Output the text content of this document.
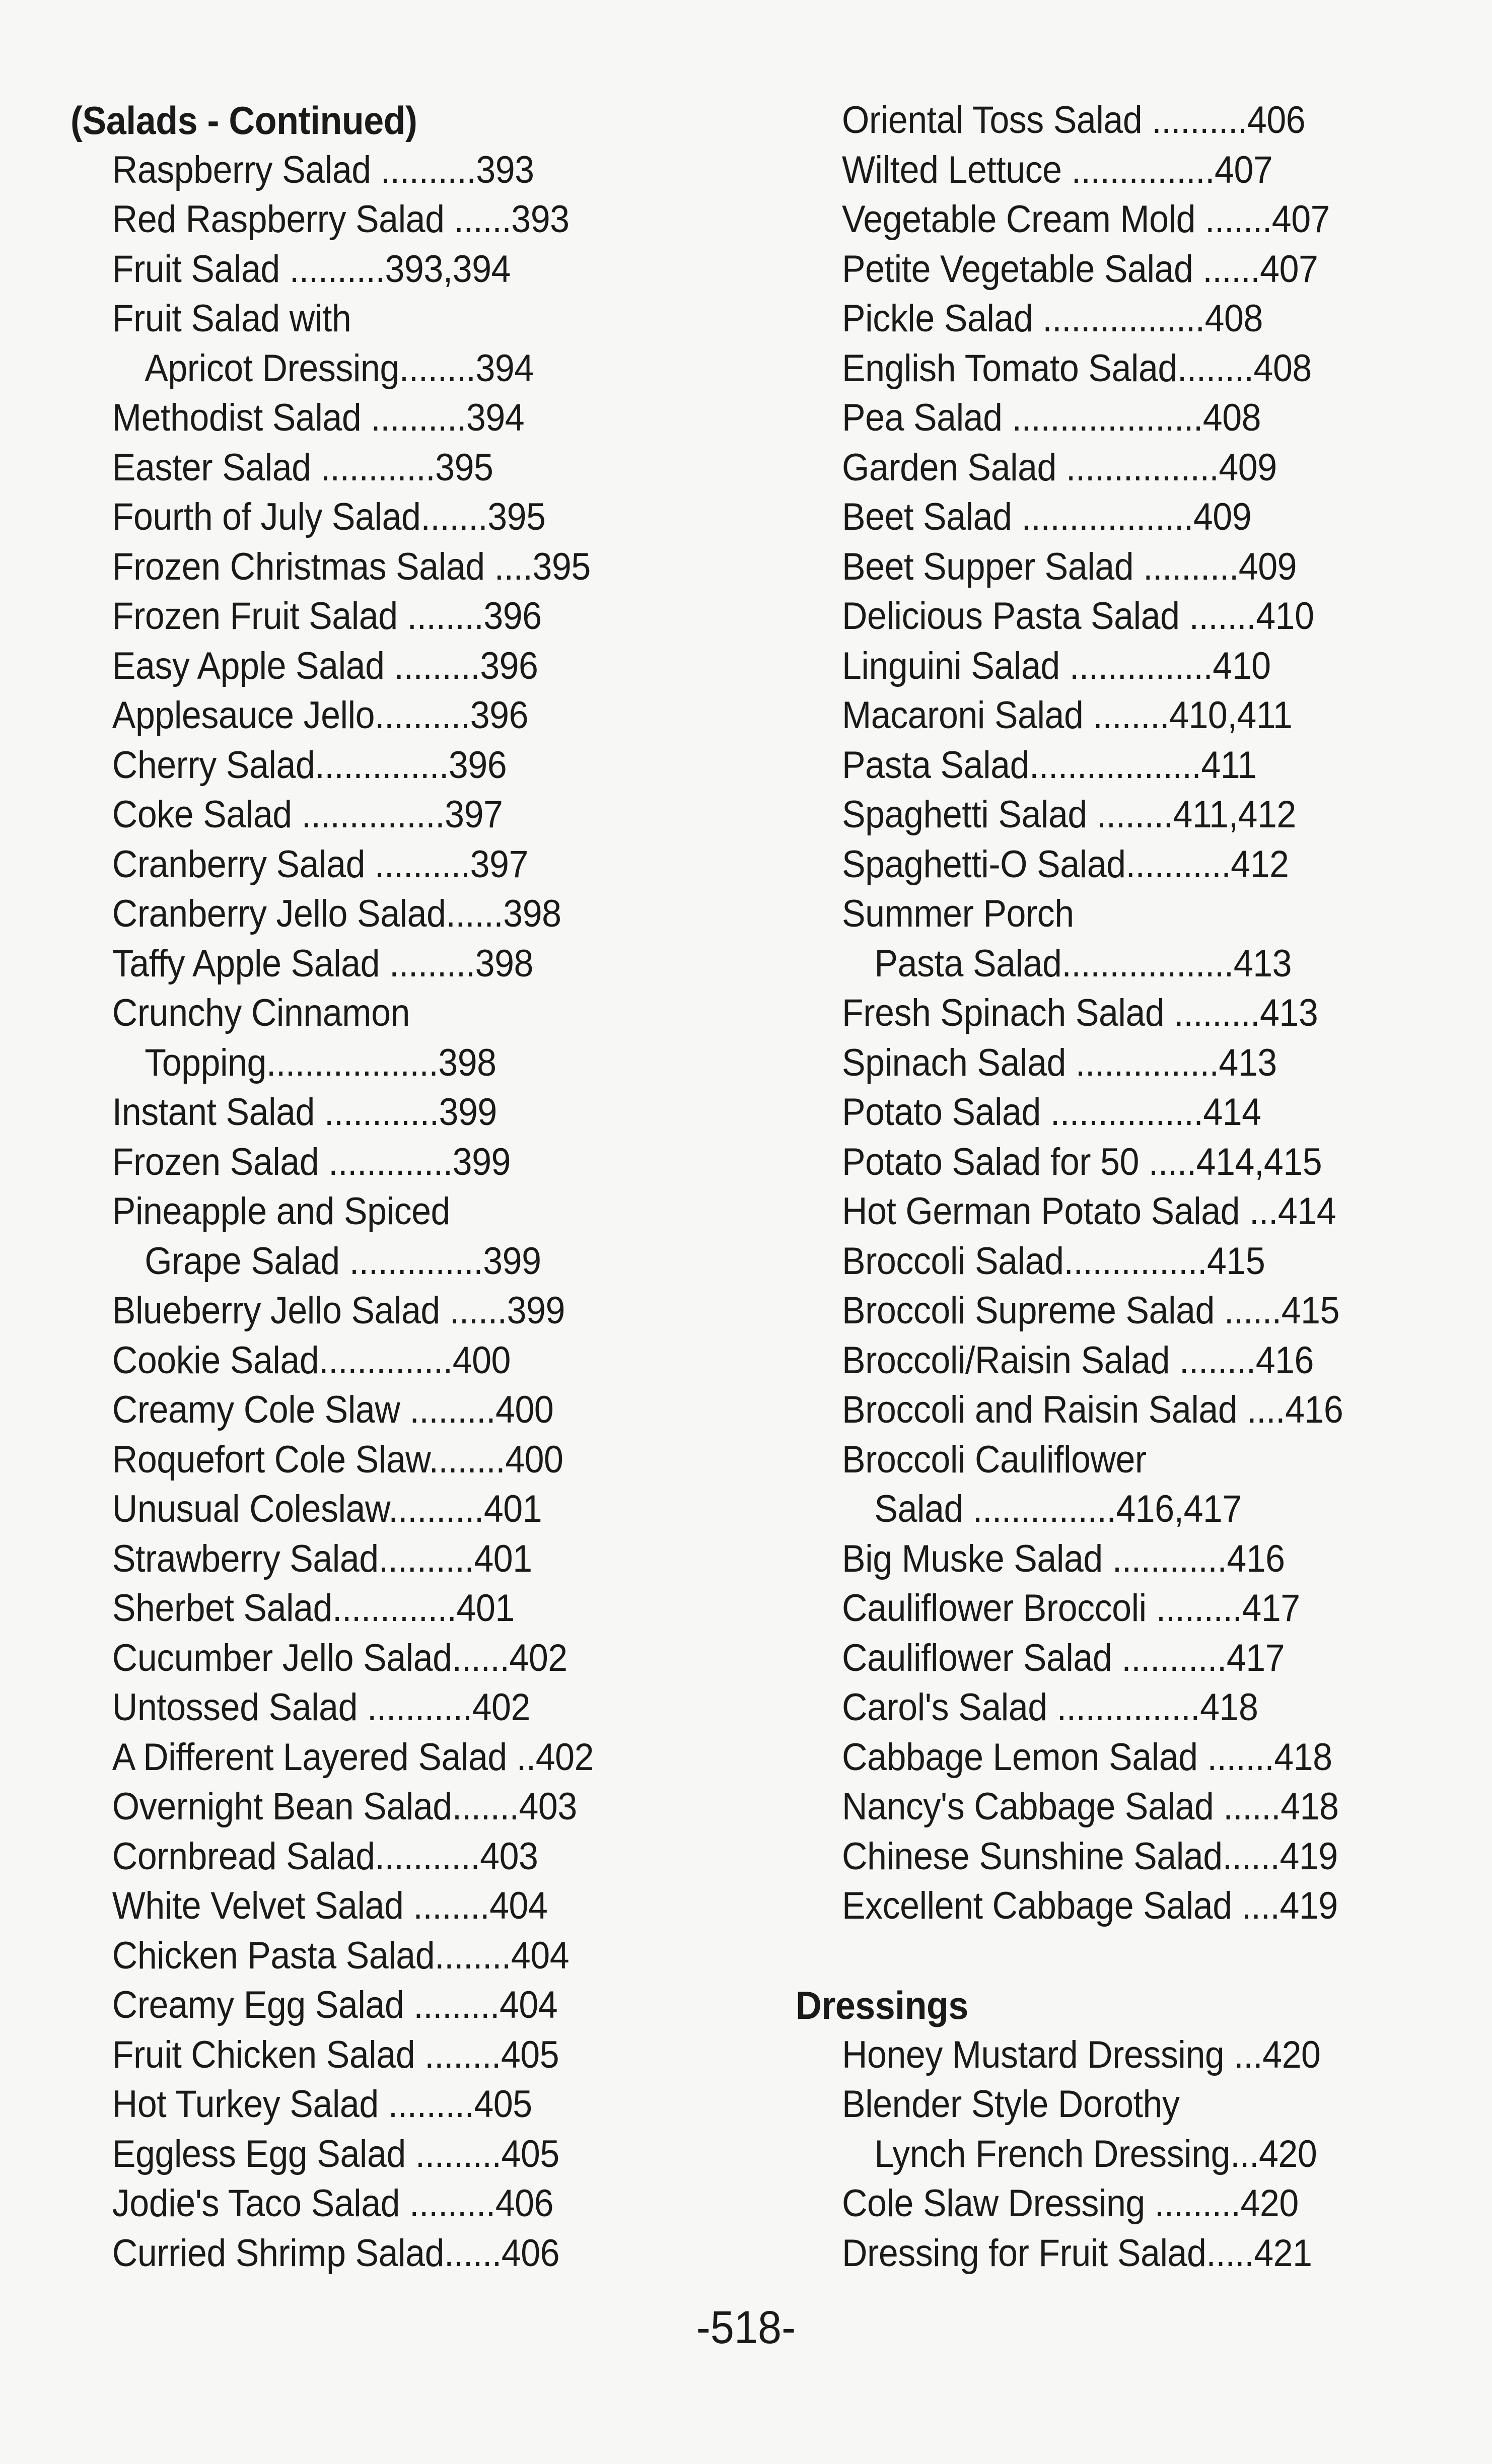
(Salads - Continued)
Raspberry Salad ..........393
Red Raspberry Salad ......393
Fruit Salad ..........393,394
Fruit Salad with
Apricot Dressing........394
Methodist Salad ..........394
Easter Salad ............395
Fourth of July Salad.......395
Frozen Christmas Salad ....395
Frozen Fruit Salad ........396
Easy Apple Salad .........396
Applesauce Jello..........396
Cherry Salad..............396
Coke Salad ...............397
Cranberry Salad ..........397
Cranberry Jello Salad......398
Taffy Apple Salad .........398
Crunchy Cinnamon
Topping..................398
Instant Salad ............399
Frozen Salad .............399
Pineapple and Spiced
Grape Salad ..............399
Blueberry Jello Salad ......399
Cookie Salad..............400
Creamy Cole Slaw .........400
Roquefort Cole Slaw........400
Unusual Coleslaw..........401
Strawberry Salad..........401
Sherbet Salad.............401
Cucumber Jello Salad......402
Untossed Salad ...........402
A Different Layered Salad ..402
Overnight Bean Salad.......403
Cornbread Salad...........403
White Velvet Salad ........404
Chicken Pasta Salad........404
Creamy Egg Salad .........404
Fruit Chicken Salad ........405
Hot Turkey Salad .........405
Eggless Egg Salad .........405
Jodie's Taco Salad .........406
Curried Shrimp Salad......406
Oriental Toss Salad ..........406
Wilted Lettuce ...............407
Vegetable Cream Mold .......407
Petite Vegetable Salad ......407
Pickle Salad .................408
English Tomato Salad........408
Pea Salad ....................408
Garden Salad ................409
Beet Salad ..................409
Beet Supper Salad ..........409
Delicious Pasta Salad .......410
Linguini Salad ...............410
Macaroni Salad ........410,411
Pasta Salad..................411
Spaghetti Salad ........411,412
Spaghetti-O Salad...........412
Summer Porch
Pasta Salad..................413
Fresh Spinach Salad .........413
Spinach Salad ...............413
Potato Salad ................414
Potato Salad for 50 .....414,415
Hot German Potato Salad ...414
Broccoli Salad...............415
Broccoli Supreme Salad ......415
Broccoli/Raisin Salad ........416
Broccoli and Raisin Salad ....416
Broccoli Cauliflower
Salad ...............416,417
Big Muske Salad ............416
Cauliflower Broccoli .........417
Cauliflower Salad ...........417
Carol's Salad ...............418
Cabbage Lemon Salad .......418
Nancy's Cabbage Salad ......418
Chinese Sunshine Salad......419
Excellent Cabbage Salad ....419
Dressings
Honey Mustard Dressing ...420
Blender Style Dorothy
Lynch French Dressing...420
Cole Slaw Dressing .........420
Dressing for Fruit Salad.....421
-518-
